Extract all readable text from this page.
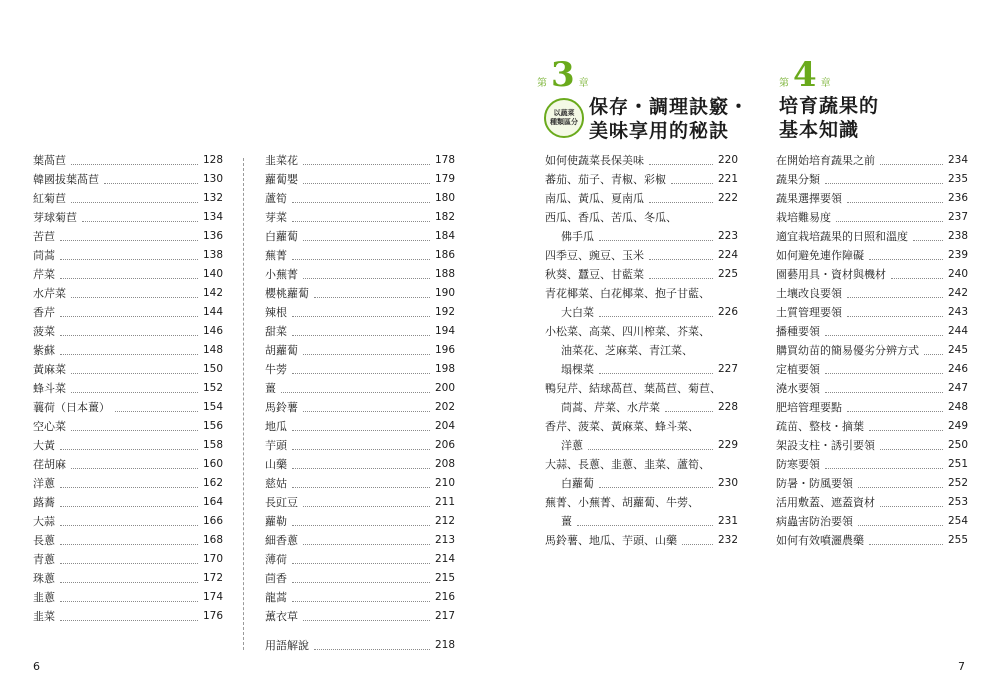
葉萵苣	128
韓國拔葉萵苣	130
紅菊苣	132
芽球菊苣	134
苦苣	136
茼蒿	138
芹菜	140
水芹菜	142
香芹	144
菠菜	146
紫蘇	148
黃麻菜	150
蜂斗菜	152
蘘荷（日本薑）	154
空心菜	156
大黃	158
荏胡麻	160
洋蔥	162
蕗蕎	164
大蒜	166
長蔥	168
青蔥	170
珠蔥	172
韭蔥	174
韭菜	176
韭菜花	178
蘿蔔嬰	179
蘆筍	180
芽菜	182
白蘿蔔	184
蕪菁	186
小蕪菁	188
櫻桃蘿蔔	190
辣根	192
甜菜	194
胡蘿蔔	196
牛蒡	198
薑	200
馬鈴薯	202
地瓜	204
芋頭	206
山藥	208
慈姑	210
長豇豆	211
蘿勒	212
細香蔥	213
薄荷	214
茴香	215
龍蒿	216
薰衣草	217
用語解說	218
第 3 章
以蔬菜
種類區分
保存・調理訣竅・
美味享用的秘訣
如何使蔬菜長保美味	220
蕃茄、茄子、青椒、彩椒	221
南瓜、黃瓜、夏南瓜	222
西瓜、香瓜、苦瓜、冬瓜、
佛手瓜	223
四季豆、豌豆、玉米	224
秋葵、蠶豆、甘藍菜	225
青花椰菜、白花椰菜、抱子甘藍、
大白菜	226
小松菜、高菜、四川榨菜、芥菜、
油菜花、芝麻菜、青江菜、
塌棵菜	227
鴨兒芹、結球萵苣、葉萵苣、菊苣、
茼蒿、芹菜、水芹菜	228
香芹、菠菜、黃麻菜、蜂斗菜、
洋蔥	229
大蒜、長蔥、韭蔥、韭菜、蘆筍、
白蘿蔔	230
蕪菁、小蕪菁、胡蘿蔔、牛蒡、
薑	231
馬鈴薯、地瓜、芋頭、山藥	232
第 4 章
培育蔬果的
基本知識
在開始培育蔬果之前	234
蔬果分類	235
蔬果選擇要領	236
栽培難易度	237
適宜栽培蔬果的日照和溫度	238
如何避免連作障礙	239
園藝用具・資材與機材	240
土壤改良要領	242
土質管理要領	243
播種要領	244
購買幼苗的簡易優劣分辨方式	245
定植要領	246
澆水要領	247
肥培管理要點	248
疏苗、整枝・摘葉	249
架設支柱・誘引要領	250
防寒要領	251
防暑・防風要領	252
活用敷蓋、遮蓋資材	253
病蟲害防治要領	254
如何有效噴灑農藥	255
6	7
